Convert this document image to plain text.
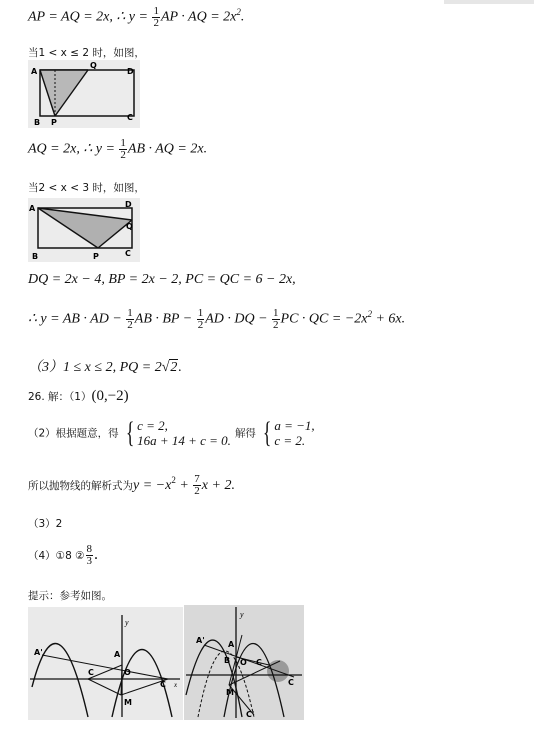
AP = AQ = 2x, ∴ $y = \frac{1}{2}$ AP · AQ = $2x^2$.
当1 < x ≤ 2 时，如图，
A
Q
D
B P
C
AQ = 2x, ∴ $y = \frac{1}{2}$ AB · AQ = 2x.
当2 < x < 3 时，如图，
A	D
Q
B	P	C
DQ = 2x − 4, BP = 2x − 2, PC = QC = 6 − 2x,
∴ y = AB · AD − $\frac{1}{2}$ AB · BP − $\frac{1}{2}$ AD · DQ − $\frac{1}{2}$ PC · QC = $-2x^2 + 6x$.
（3）1 ≤ x ≤ 2, PQ = 2√2.
26. 解：（1）(0,−2)
（2）根据题意，得 { c = 2,
16a + 14 + c = 0. 解得 { a = −1,
c = 2.
所以抛物线的解析式为$y = -x^2 + \frac{7}{2}$ x + 2.
（3）2
（4）①8 ② $\frac{8}{3}$ .
提示：参考如图。
y
A'	A
C	O
C x
M
y
A'	A
B O C
C
M
C'
